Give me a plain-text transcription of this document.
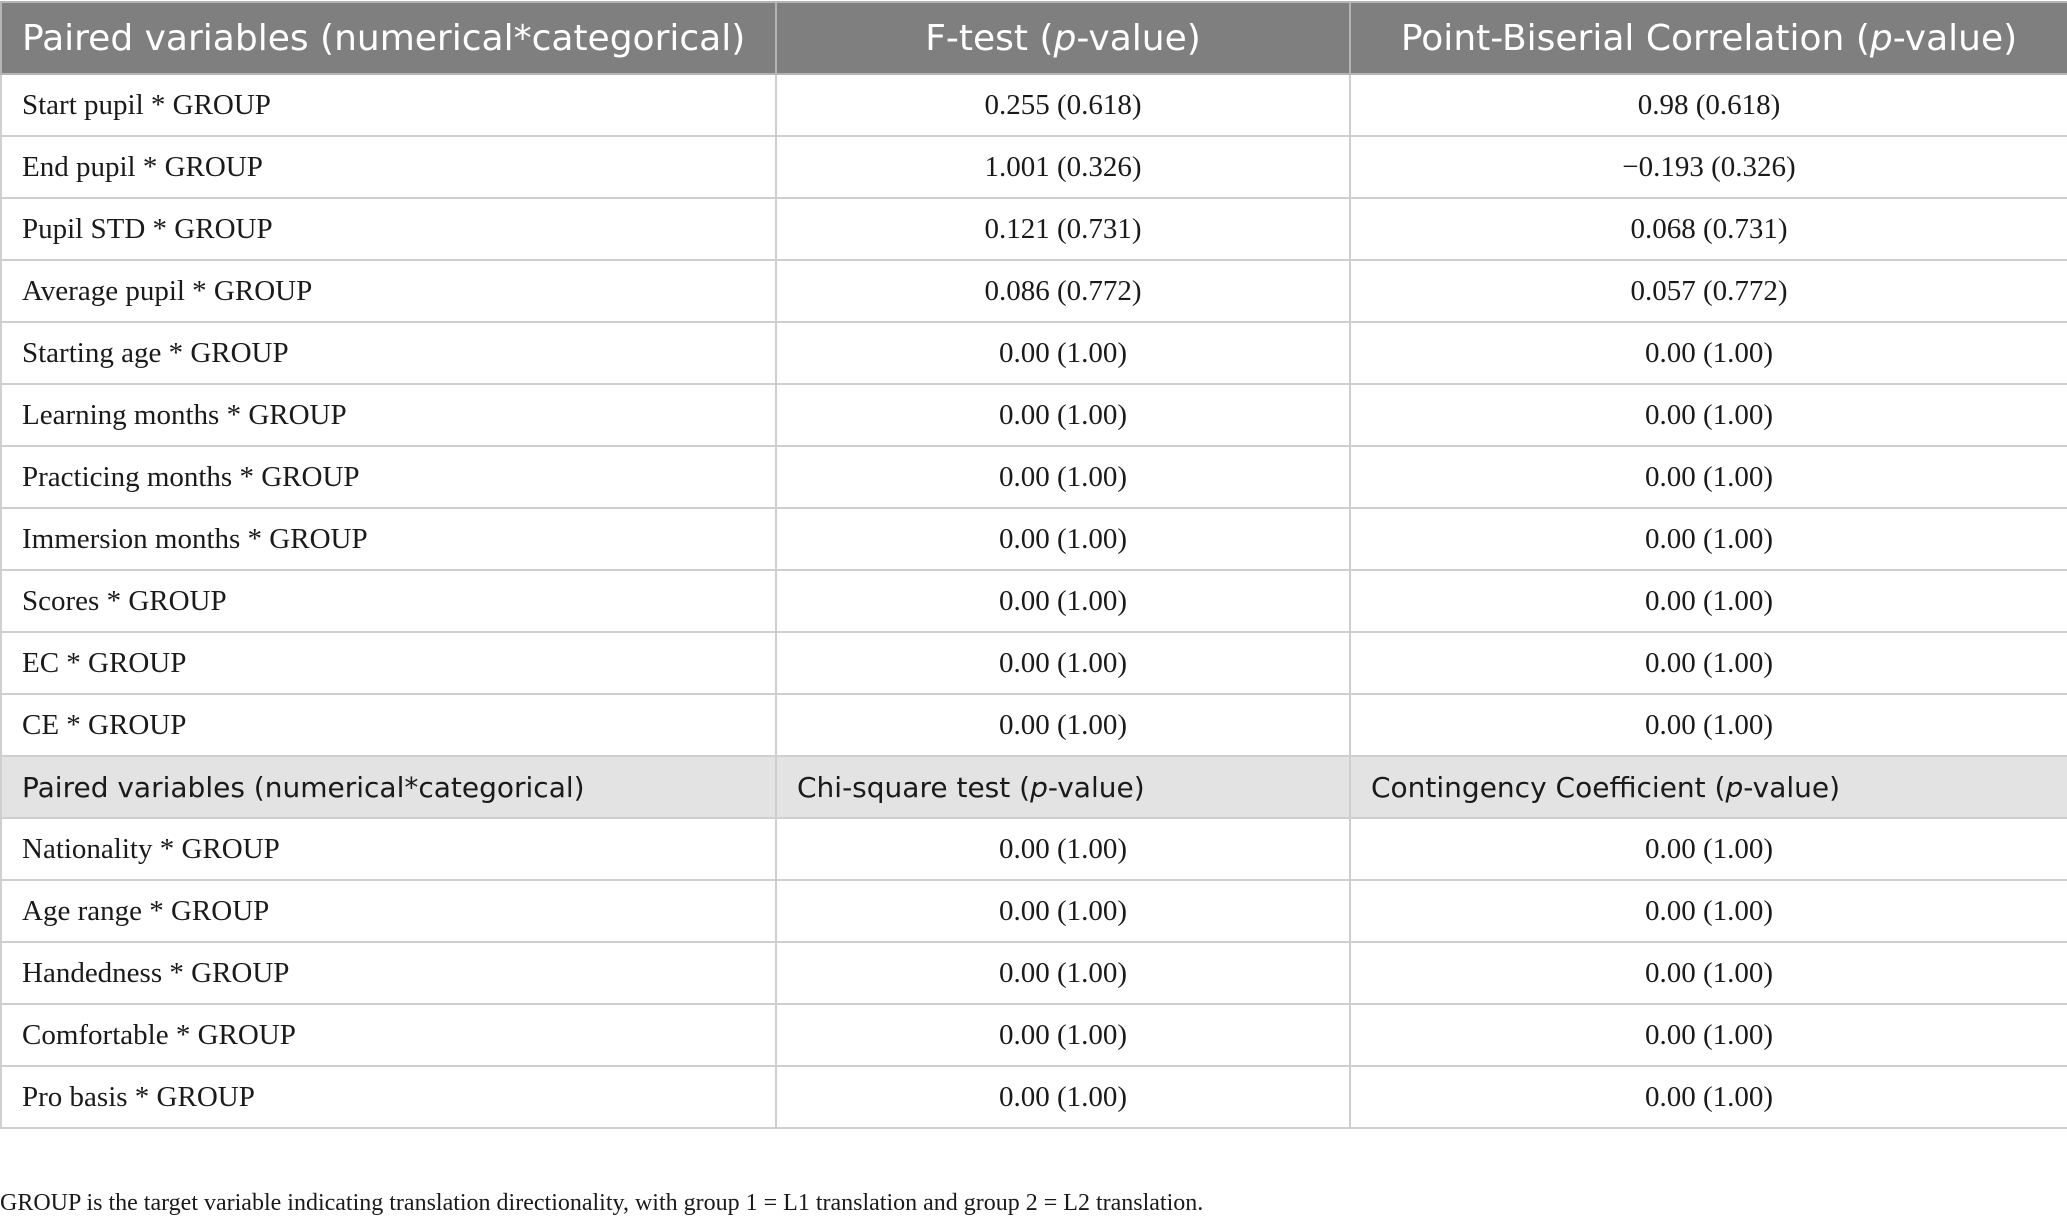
Paired variables (numerical*categorical)	F-test (p-value)	Point-Biserial Correlation (p-value)
Start pupil * GROUP	0.255 (0.618)	0.98 (0.618)
End pupil * GROUP	1.001 (0.326)	−0.193 (0.326)
Pupil STD * GROUP	0.121 (0.731)	0.068 (0.731)
Average pupil * GROUP	0.086 (0.772)	0.057 (0.772)
Starting age * GROUP	0.00 (1.00)	0.00 (1.00)
Learning months * GROUP	0.00 (1.00)	0.00 (1.00)
Practicing months * GROUP	0.00 (1.00)	0.00 (1.00)
Immersion months * GROUP	0.00 (1.00)	0.00 (1.00)
Scores * GROUP	0.00 (1.00)	0.00 (1.00)
EC * GROUP	0.00 (1.00)	0.00 (1.00)
CE * GROUP	0.00 (1.00)	0.00 (1.00)
Paired variables (numerical*categorical)	Chi-square test (p-value)	Contingency Coefficient (p-value)
Nationality * GROUP	0.00 (1.00)	0.00 (1.00)
Age range * GROUP	0.00 (1.00)	0.00 (1.00)
Handedness * GROUP	0.00 (1.00)	0.00 (1.00)
Comfortable * GROUP	0.00 (1.00)	0.00 (1.00)
Pro basis * GROUP	0.00 (1.00)	0.00 (1.00)
GROUP is the target variable indicating translation directionality, with group 1 = L1 translation and group 2 = L2 translation.
